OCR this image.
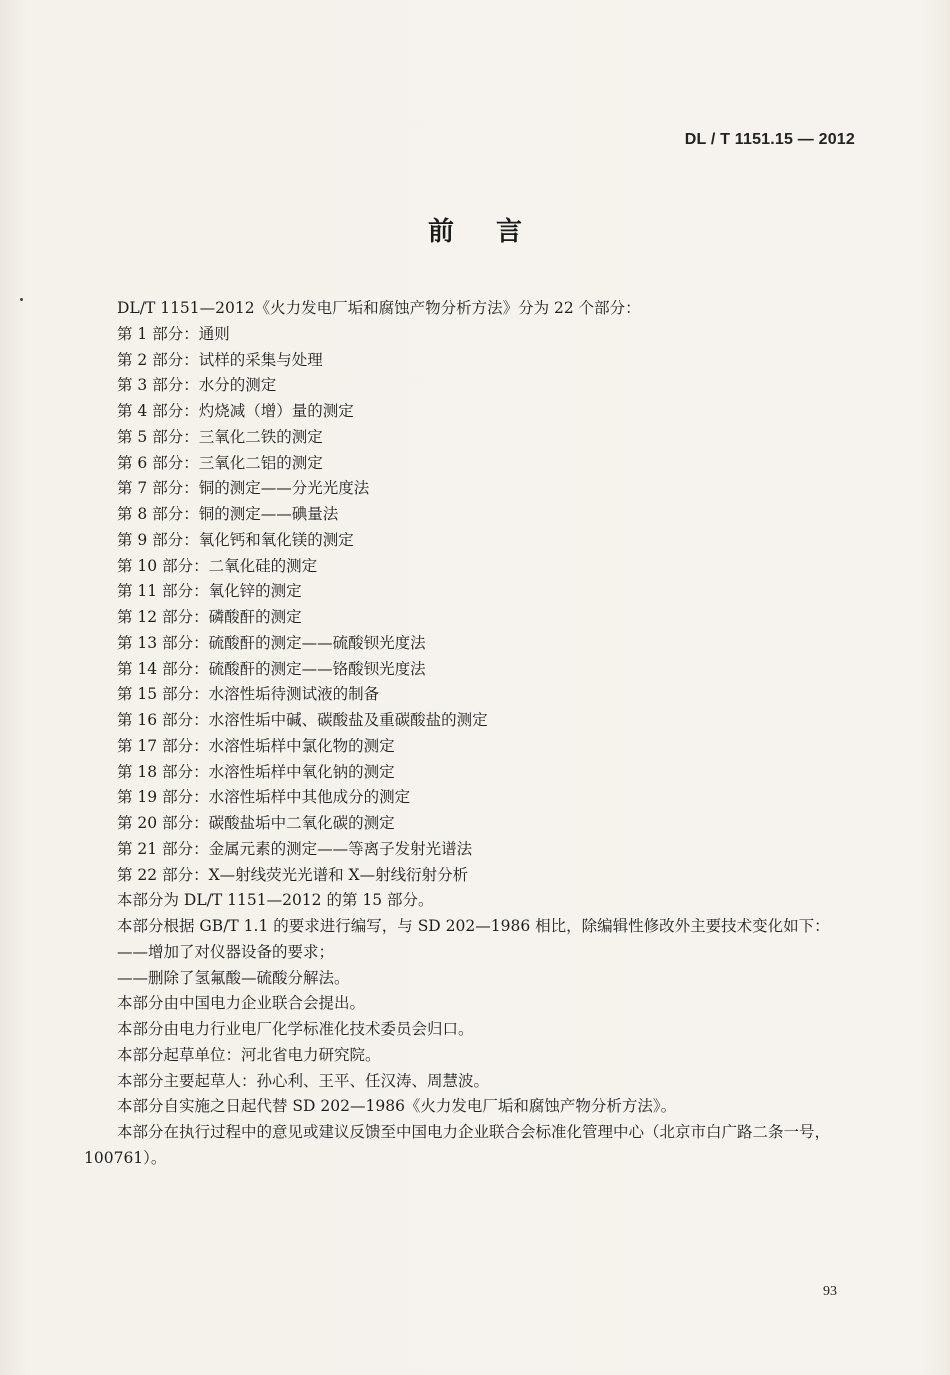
DL / T 1151.15 — 2012
前言

DL/T 1151—2012《火力发电厂垢和腐蚀产物分析方法》分为 22 个部分：

第 1 部分：通则

第 2 部分：试样的采集与处理

第 3 部分：水分的测定

第 4 部分：灼烧减（增）量的测定

第 5 部分：三氧化二铁的测定

第 6 部分：三氧化二铝的测定

第 7 部分：铜的测定——分光光度法

第 8 部分：铜的测定——碘量法

第 9 部分：氧化钙和氧化镁的测定

第 10 部分：二氧化硅的测定

第 11 部分：氧化锌的测定

第 12 部分：磷酸酐的测定

第 13 部分：硫酸酐的测定——硫酸钡光度法

第 14 部分：硫酸酐的测定——铬酸钡光度法

第 15 部分：水溶性垢待测试液的制备

第 16 部分：水溶性垢中碱、碳酸盐及重碳酸盐的测定

第 17 部分：水溶性垢样中氯化物的测定

第 18 部分：水溶性垢样中氧化钠的测定

第 19 部分：水溶性垢样中其他成分的测定

第 20 部分：碳酸盐垢中二氧化碳的测定

第 21 部分：金属元素的测定——等离子发射光谱法

第 22 部分：X—射线荧光光谱和 X—射线衍射分析

本部分为 DL/T 1151—2012 的第 15 部分。

本部分根据 GB/T 1.1 的要求进行编写，与 SD 202—1986 相比，除编辑性修改外主要技术变化如下：

——增加了对仪器设备的要求；

——删除了氢氟酸—硫酸分解法。

本部分由中国电力企业联合会提出。

本部分由电力行业电厂化学标准化技术委员会归口。

本部分起草单位：河北省电力研究院。

本部分主要起草人：孙心利、王平、任汉涛、周慧波。

本部分自实施之日起代替 SD 202—1986《火力发电厂垢和腐蚀产物分析方法》。

本部分在执行过程中的意见或建议反馈至中国电力企业联合会标准化管理中心（北京市白广路二条一号，100761）。

93
